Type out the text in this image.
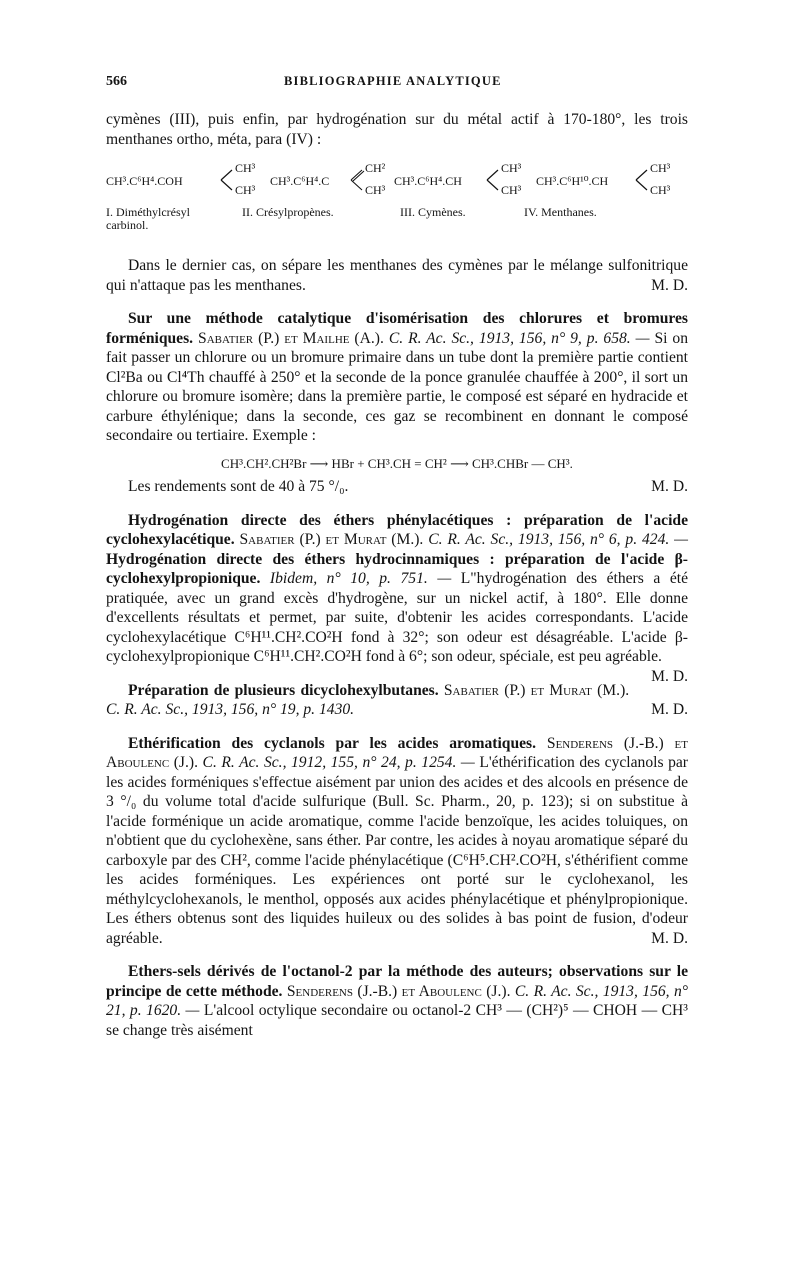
566	BIBLIOGRAPHIE ANALYTIQUE

cymènes (III), puis enfin, par hydrogénation sur du métal actif à 170-180°, les trois menthanes ortho, méta, para (IV) :

CH³.C⁶H⁴.COH
CH³
CH³
CH³.C⁶H⁴.C
CH²
CH³
CH³.C⁶H⁴.CH
CH³
CH³
CH³.C⁶H¹⁰.CH
CH³
CH³
I. Diméthylcrésyl carbinol.
II. Crésylpropènes.	III. Cymènes.	IV. Menthanes.

Dans le dernier cas, on sépare les menthanes des cymènes par le mélange sulfonitrique qui n'attaque pas les menthanes.	M. D.

Sur une méthode catalytique d'isomérisation des chlorures et bromures forméniques. Sabatier (P.) et Mailhe (A.). C. R. Ac. Sc., 1913, 156, n° 9, p. 658. — Si on fait passer un chlorure ou un bromure primaire dans un tube dont la première partie contient Cl²Ba ou Cl⁴Th chauffé à 250° et la seconde de la ponce granulée chauffée à 200°, il sort un chlorure ou bromure isomère; dans la première partie, le composé est séparé en hydracide et carbure éthylénique; dans la seconde, ces gaz se recombinent en donnant le composé secondaire ou tertiaire. Exemple :

CH³.CH².CH²Br ⟶ HBr + CH³.CH = CH² ⟶ CH³.CHBr — CH³.

Les rendements sont de 40 à 75 °/₀.	M. D.

Hydrogénation directe des éthers phénylacétiques : préparation de l'acide cyclohexylacétique. Sabatier (P.) et Murat (M.). C. R. Ac. Sc., 1913, 156, n° 6, p. 424. — Hydrogénation directe des éthers hydrocinnamiques : préparation de l'acide β-cyclohexylpropionique. Ibidem, n° 10, p. 751. — L"hydrogénation des éthers a été pratiquée, avec un grand excès d'hydrogène, sur un nickel actif, à 180°. Elle donne d'excellents résultats et permet, par suite, d'obtenir les acides correspondants. L'acide cyclohexylacétique C⁶H¹¹.CH².CO²H fond à 32°; son odeur est désagréable. L'acide β-cyclohexylpropionique C⁶H¹¹.CH².CO²H fond à 6°; son odeur, spéciale, est peu agréable.
M. D.

Préparation de plusieurs dicyclohexylbutanes. Sabatier (P.) et Murat (M.). C. R. Ac. Sc., 1913, 156, n° 19, p. 1430.	M. D.

Ethérification des cyclanols par les acides aromatiques. Senderens (J.-B.) et Aboulenc (J.). C. R. Ac. Sc., 1912, 155, n° 24, p. 1254. — L'éthérification des cyclanols par les acides forméniques s'effectue aisément par union des acides et des alcools en présence de 3 °/₀ du volume total d'acide sulfurique (Bull. Sc. Pharm., 20, p. 123); si on substitue à l'acide forménique un acide aromatique, comme l'acide benzoïque, les acides toluiques, on n'obtient que du cyclohexène, sans éther. Par contre, les acides à noyau aromatique séparé du carboxyle par des CH², comme l'acide phénylacétique (C⁶H⁵.CH².CO²H, s'éthérifient comme les acides forméniques. Les expériences ont porté sur le cyclohexanol, les méthylcyclohexanols, le menthol, opposés aux acides phénylacétique et phénylpropionique. Les éthers obtenus sont des liquides huileux ou des solides à bas point de fusion, d'odeur agréable.	M. D.

Ethers-sels dérivés de l'octanol-2 par la méthode des auteurs; observations sur le principe de cette méthode. Senderens (J.-B.) et Aboulenc (J.). C. R. Ac. Sc., 1913, 156, n° 21, p. 1620. — L'alcool octylique secondaire ou octanol-2 CH³ — (CH²)⁵ — CHOH — CH³ se change très aisément
